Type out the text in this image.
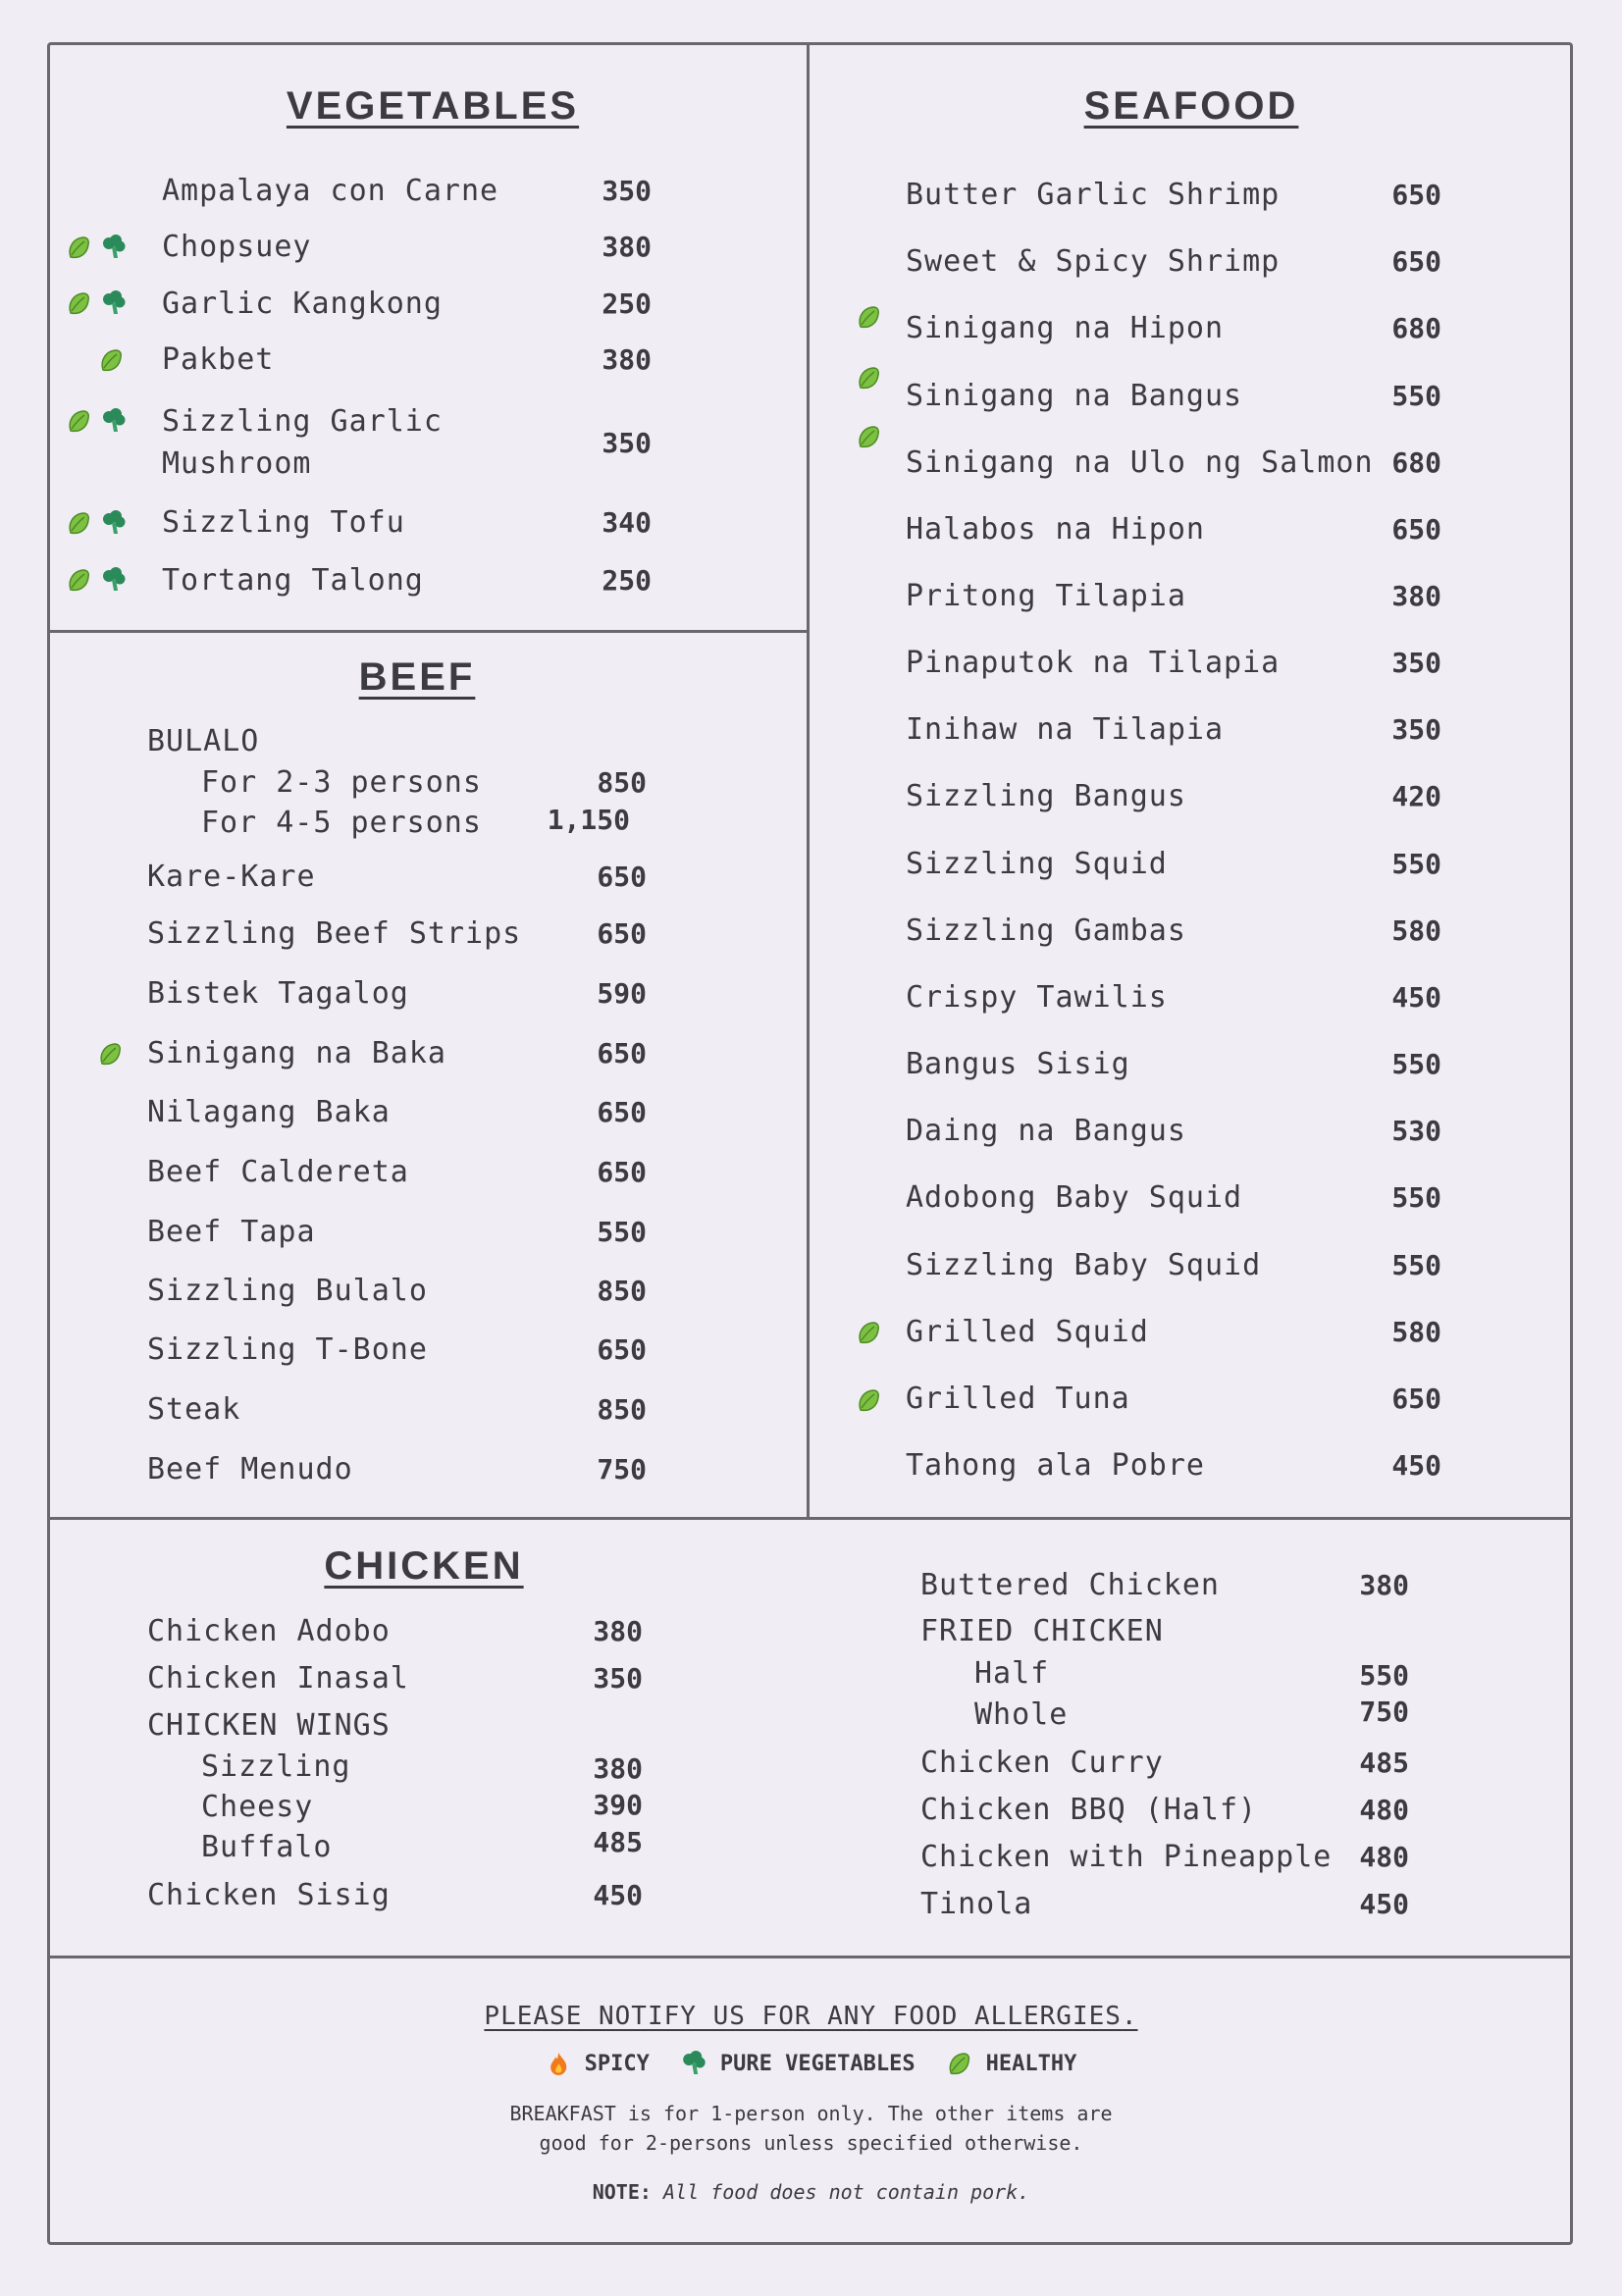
VEGETABLES	SEAFOOD
BEEF
CHICKEN
Ampalaya con Carne	350
Chopsuey	380
Garlic Kangkong	250
Pakbet	380
Sizzling Garlic
Mushroom
350
Sizzling Tofu	340
Tortang Talong	250
BULALO
For 2-3 persons	850
For 4-5 persons 1,150
Kare-Kare	650
Sizzling Beef Strips	650
Bistek Tagalog	590
Sinigang na Baka	650
Nilagang Baka	650
Beef Caldereta	650
Beef Tapa	550
Sizzling Bulalo	850
Sizzling T-Bone	650
Steak	850
Beef Menudo	750
Butter Garlic Shrimp	650
Sweet & Spicy Shrimp	650
Sinigang na Hipon	680
Sinigang na Bangus	550
Sinigang na Ulo ng Salmon 680
Halabos na Hipon	650
Pritong Tilapia	380
Pinaputok na Tilapia	350
Inihaw na Tilapia	350
Sizzling Bangus	420
Sizzling Squid	550
Sizzling Gambas	580
Crispy Tawilis	450
Bangus Sisig	550
Daing na Bangus	530
Adobong Baby Squid	550
Sizzling Baby Squid	550
Grilled Squid	580
Grilled Tuna	650
Tahong ala Pobre	450
Chicken Adobo	380
Chicken Inasal	350
CHICKEN WINGS
Sizzling	380
Cheesy	390
Buffalo	485
Chicken Sisig	450
Buttered Chicken	380
FRIED CHICKEN
Half	550
Whole	750
Chicken Curry	485
Chicken BBQ (Half)	480
Chicken with Pineapple 480
Tinola	450
PLEASE NOTIFY US FOR ANY FOOD ALLERGIES.
SPICY	PURE VEGETABLES	HEALTHY
BREAKFAST is for 1-person only. The other items are
good for 2-persons unless specified otherwise.
NOTE: All food does not contain pork.
